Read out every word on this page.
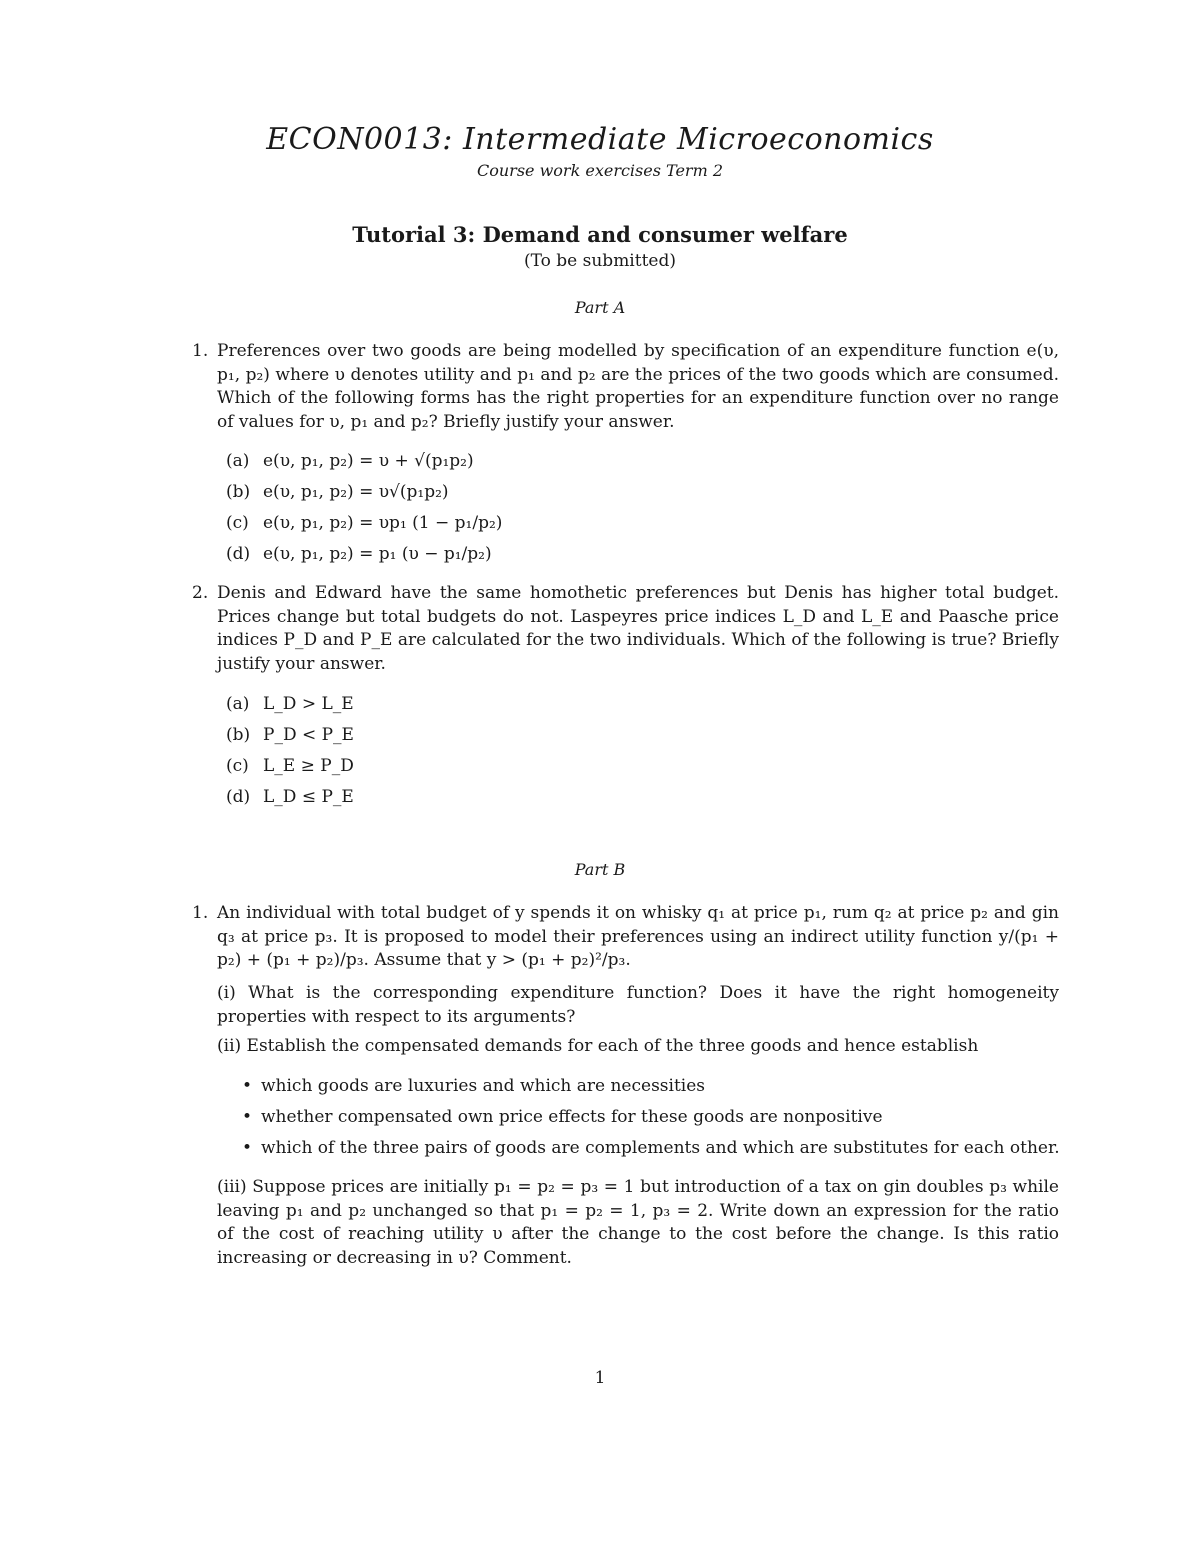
ECON0013: Intermediate Microeconomics
Course work exercises Term 2
Tutorial 3: Demand and consumer welfare
(To be submitted)
Part A
1. Preferences over two goods are being modelled by specification of an expenditure function e(υ, p₁, p₂) where υ denotes utility and p₁ and p₂ are the prices of the two goods which are consumed. Which of the following forms has the right properties for an expenditure function over no range of values for υ, p₁ and p₂? Briefly justify your answer.
(a) e(υ, p₁, p₂) = υ + √(p₁p₂)
(b) e(υ, p₁, p₂) = υ√(p₁p₂)
(c) e(υ, p₁, p₂) = υp₁ (1 − p₁/p₂)
(d) e(υ, p₁, p₂) = p₁ (υ − p₁/p₂)
2. Denis and Edward have the same homothetic preferences but Denis has higher total budget. Prices change but total budgets do not. Laspeyres price indices L_D and L_E and Paasche price indices P_D and P_E are calculated for the two individuals. Which of the following is true? Briefly justify your answer.
(a) L_D > L_E
(b) P_D < P_E
(c) L_E ≥ P_D
(d) L_D ≤ P_E
Part B
1. An individual with total budget of y spends it on whisky q₁ at price p₁, rum q₂ at price p₂ and gin q₃ at price p₃. It is proposed to model their preferences using an indirect utility function y/(p₁ + p₂) + (p₁ + p₂)/p₃. Assume that y > (p₁ + p₂)²/p₃.
(i) What is the corresponding expenditure function? Does it have the right homogeneity properties with respect to its arguments?
(ii) Establish the compensated demands for each of the three goods and hence establish
•which goods are luxuries and which are necessities
•whether compensated own price effects for these goods are nonpositive
•which of the three pairs of goods are complements and which are substitutes for each other.
(iii) Suppose prices are initially p₁ = p₂ = p₃ = 1 but introduction of a tax on gin doubles p₃ while leaving p₁ and p₂ unchanged so that p₁ = p₂ = 1, p₃ = 2. Write down an expression for the ratio of the cost of reaching utility υ after the change to the cost before the change. Is this ratio increasing or decreasing in υ? Comment.
1
